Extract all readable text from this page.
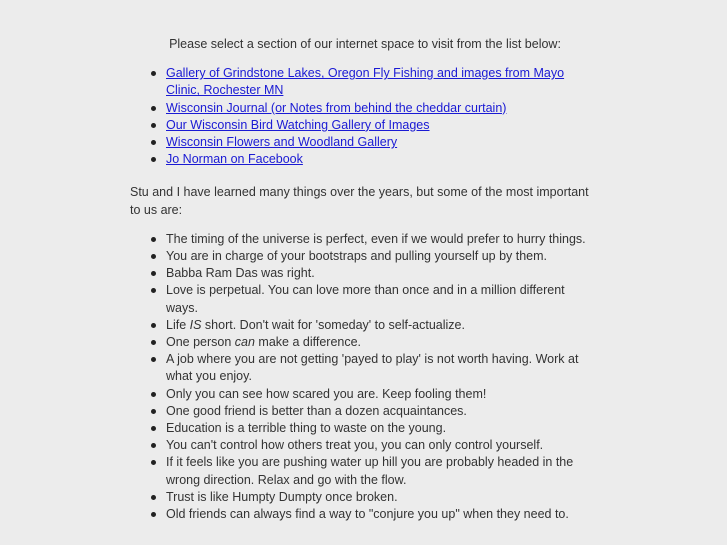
Please select a section of our internet space to visit from the list below:

Gallery of Grindstone Lakes, Oregon Fly Fishing and images from Mayo Clinic, Rochester MN
Wisconsin Journal (or Notes from behind the cheddar curtain)
Our Wisconsin Bird Watching Gallery of Images
Wisconsin Flowers and Woodland Gallery
Jo Norman on Facebook

Stu and I have learned many things over the years, but some of the most important to us are:

The timing of the universe is perfect, even if we would prefer to hurry things.
You are in charge of your bootstraps and pulling yourself up by them.
Babba Ram Das was right.
Love is perpetual. You can love more than once and in a million different ways.
Life IS short. Don't wait for 'someday' to self-actualize.
One person can make a difference.
A job where you are not getting 'payed to play' is not worth having. Work at what you enjoy.
Only you can see how scared you are. Keep fooling them!
One good friend is better than a dozen acquaintances.
Education is a terrible thing to waste on the young.
You can't control how others treat you, you can only control yourself.
If it feels like you are pushing water up hill you are probably headed in the wrong direction. Relax and go with the flow.
Trust is like Humpty Dumpty once broken.
Old friends can always find a way to "conjure you up" when they need to.
